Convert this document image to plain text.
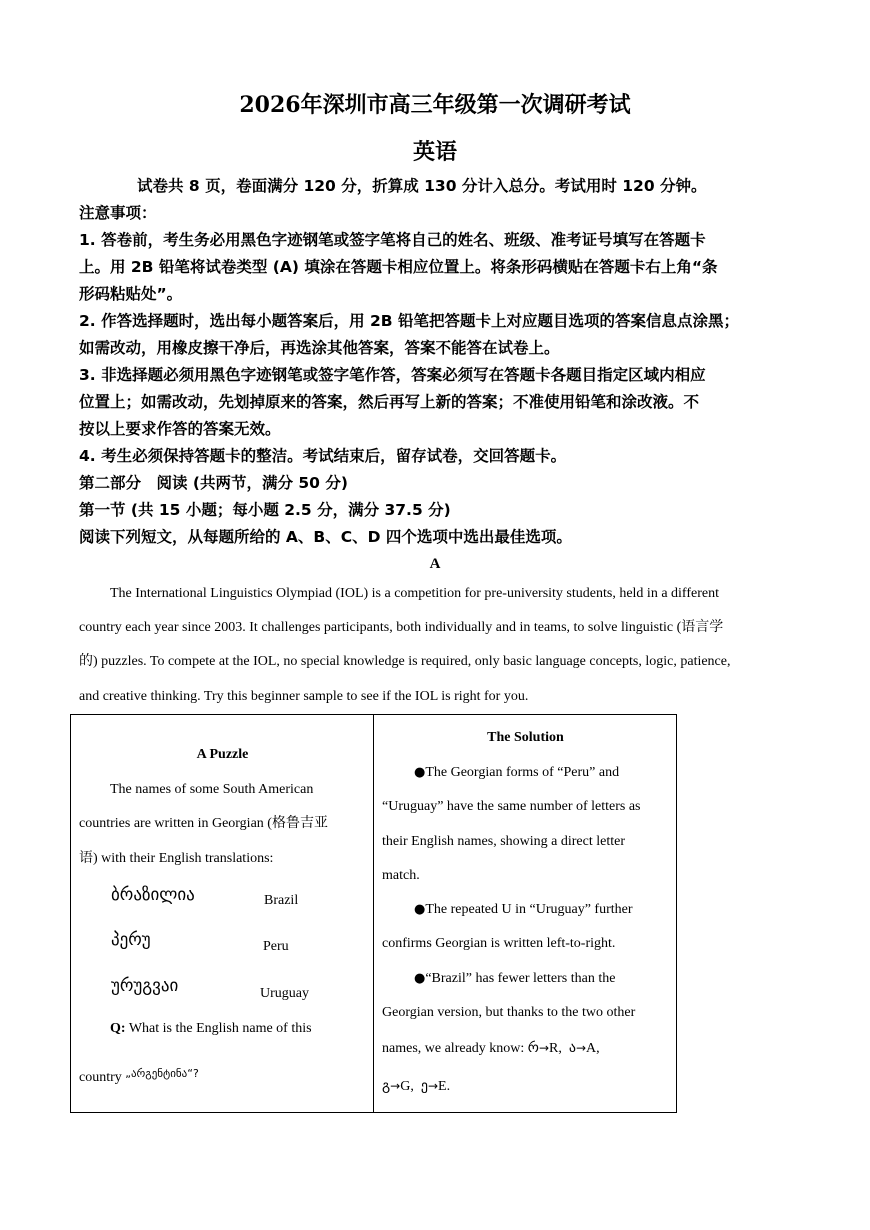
2026年深圳市高三年级第一次调研考试
英语
试卷共 8 页，卷面满分 120 分，折算成 130 分计入总分。考试用时 120 分钟。
注意事项：
1. 答卷前，考生务必用黑色字迹钢笔或签字笔将自己的姓名、班级、准考证号填写在答题卡
上。用 2B 铅笔将试卷类型 (A) 填涂在答题卡相应位置上。将条形码横贴在答题卡右上角“条
形码粘贴处”。
2. 作答选择题时，选出每小题答案后，用 2B 铅笔把答题卡上对应题目选项的答案信息点涂黑；
如需改动，用橡皮擦干净后，再选涂其他答案，答案不能答在试卷上。
3. 非选择题必须用黑色字迹钢笔或签字笔作答，答案必须写在答题卡各题目指定区域内相应
位置上；如需改动，先划掉原来的答案，然后再写上新的答案；不准使用铅笔和涂改液。不
按以上要求作答的答案无效。
4. 考生必须保持答题卡的整洁。考试结束后，留存试卷，交回答题卡。
第二部分　阅读 (共两节，满分 50 分)
第一节 (共 15 小题；每小题 2.5 分，满分 37.5 分)
阅读下列短文，从每题所给的 A、B、C、D 四个选项中选出最佳选项。
A
The International Linguistics Olympiad (IOL) is a competition for pre-university students, held in a different
country each year since 2003. It challenges participants, both individually and in teams, to solve linguistic (语言学
的) puzzles. To compete at the IOL, no special knowledge is required, only basic language concepts, logic, patience,
and creative thinking. Try this beginner sample to see if the IOL is right for you.
A Puzzle
The names of some South American
countries are written in Georgian (格鲁吉亚
语) with their English translations:
ბრაზილია	Brazil
პერუ	Peru
ურუგვაი	Uruguay
Q: What is the English name of this
country $^{„არგენტინა“?}$
The Solution
●The Georgian forms of “Peru” and
“Uruguay” have the same number of letters as
their English names, showing a direct letter
match.
●The repeated U in “Uruguay” further
confirms Georgian is written left-to-right.
●“Brazil” has fewer letters than the
Georgian version, but thanks to the two other
names, we already know: რ→R,  ა→A,
გ→G,  ე→E.
